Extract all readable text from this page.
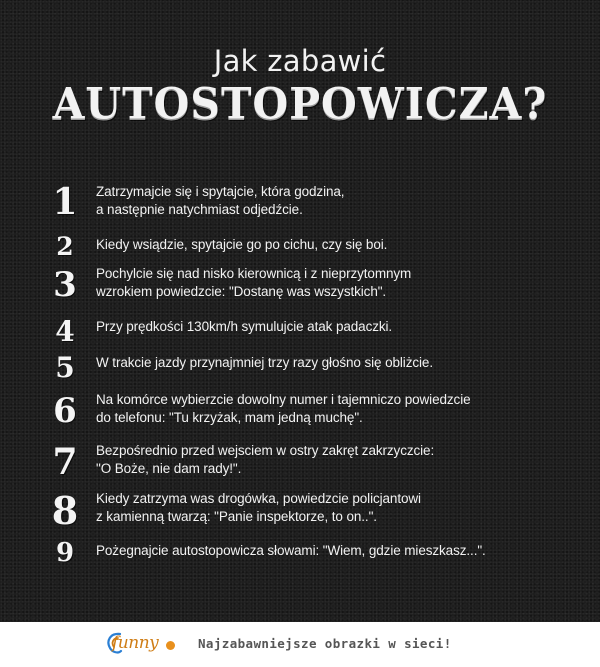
Jak zabawić
AUTOSTOPOWICZA?
1	Zatrzymajcie się i spytajcie, która godzina,
a następnie natychmiast odjedźcie.
2	Kiedy wsiądzie, spytajcie go po cichu, czy się boi.
3	Pochylcie się nad nisko kierownicą i z nieprzytomnym
wzrokiem powiedzcie: "Dostanę was wszystkich".
4	Przy prędkości 130km/h symulujcie atak padaczki.
5	W trakcie jazdy przynajmniej trzy razy głośno się obliżcie.
6	Na komórce wybierzcie dowolny numer i tajemniczo powiedzcie
do telefonu: "Tu krzyżak, mam jedną muchę".
7	Bezpośrednio przed wejsciem w ostry zakręt zakrzyczcie:
"O Boże, nie dam rady!".
8	Kiedy zatrzyma was drogówka, powiedzcie policjantowi
z kamienną twarzą: "Panie inspektorze, to on..".
9	Pożegnajcie autostopowicza słowami: "Wiem, gdzie mieszkasz...".
funny	Najzabawniejsze obrazki w sieci!
